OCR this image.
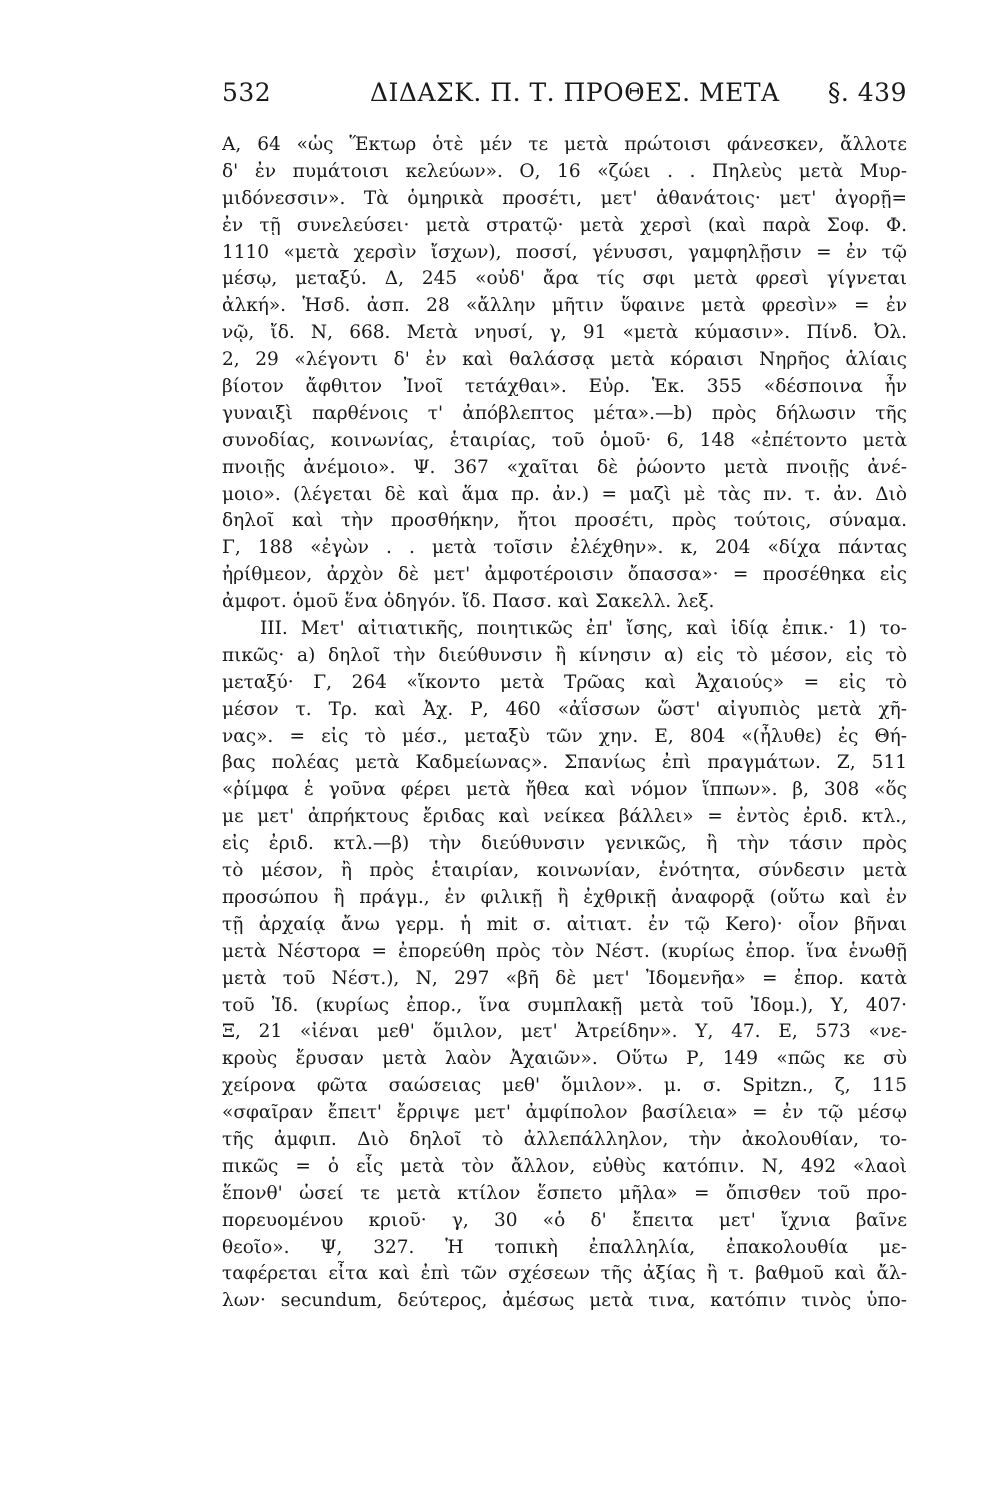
532	ΔΙΔΑΣΚ. Π. Τ. ΠΡΟΘΕΣ. ΜΕΤΑ §. 439
Α, 64 «ὡς Ἕκτωρ ὁτὲ μέν τε μετὰ πρώτοισι φάνεσκεν, ἄλλοτε
δ' ἐν πυμάτοισι κελεύων». Ο, 16 «ζώει . . Πηλεὺς μετὰ Μυρ-
μιδόνεσσιν». Τὰ ὁμηρικὰ προσέτι, μετ' ἀθανάτοις· μετ' ἀγορῇ=
ἐν τῇ συνελεύσει· μετὰ στρατῷ· μετὰ χερσὶ (καὶ παρὰ Σοφ. Φ.
1110 «μετὰ χερσὶν ἴσχων), ποσσί, γένυσσι, γαμφηλῇσιν = ἐν τῷ
μέσῳ, μεταξύ. Δ, 245 «οὐδ' ἄρα τίς σφι μετὰ φρεσὶ γίγνεται
ἀλκή». Ἡσδ. ἀσπ. 28 «ἄλλην μῆτιν ὕφαινε μετὰ φρεσὶν» = ἐν
νῷ, ἴδ. Ν, 668. Μετὰ νηυσί, γ, 91 «μετὰ κύμασιν». Πίνδ. Ὀλ.
2, 29 «λέγοντι δ' ἐν καὶ θαλάσσᾳ μετὰ κόραισι Νηρῆος ἁλίαις
βίοτον ἄφθιτον Ἰνοῖ τετάχθαι». Εὐρ. Ἑκ. 355 «δέσποινα ἦν
γυναιξὶ παρθένοις τ' ἀπόβλεπτος μέτα».—b) πρὸς δήλωσιν τῆς
συνοδίας, κοινωνίας, ἑταιρίας, τοῦ ὁμοῦ· 6, 148 «ἐπέτοντο μετὰ
πνοιῇς ἀνέμοιο». Ψ. 367 «χαῖται δὲ ῥώοντο μετὰ πνοιῇς ἀνέ-
μοιο». (λέγεται δὲ καὶ ἅμα πρ. ἀν.) = μαζὶ μὲ τὰς πν. τ. ἀν. Διὸ
δηλοῖ καὶ τὴν προσθήκην, ἤτοι προσέτι, πρὸς τούτοις, σύναμα.
Γ, 188 «ἐγὼν . . μετὰ τοῖσιν ἐλέχθην». κ, 204 «δίχα πάντας
ἠρίθμεον, ἀρχὸν δὲ μετ' ἀμφοτέροισιν ὄπασσα»· = προσέθηκα εἰς
ἀμφοτ. ὁμοῦ ἕνα ὁδηγόν. ἴδ. Πασσ. καὶ Σακελλ. λεξ.
III. Μετ' αἰτιατικῆς, ποιητικῶς ἐπ' ἴσης, καὶ ἰδίᾳ ἐπικ.· 1) το-
πικῶς· a) δηλοῖ τὴν διεύθυνσιν ἢ κίνησιν α) εἰς τὸ μέσον, εἰς τὸ
μεταξύ· Γ, 264 «ἵκοντο μετὰ Τρῶας καὶ Ἀχαιούς» = εἰς τὸ
μέσον τ. Τρ. καὶ Ἀχ. Ρ, 460 «ἀΐσσων ὥστ' αἰγυπιὸς μετὰ χῆ-
νας». = εἰς τὸ μέσ., μεταξὺ τῶν χην. Ε, 804 «(ἦλυθε) ἐς Θή-
βας πολέας μετὰ Καδμείωνας». Σπανίως ἐπὶ πραγμάτων. Ζ, 511
«ῥίμφα ἑ γοῦνα φέρει μετὰ ἤθεα καὶ νόμον ἵππων». β, 308 «ὅς
με μετ' ἀπρήκτους ἔριδας καὶ νείκεα βάλλει» = ἐντὸς ἐριδ. κτλ.,
εἰς ἐριδ. κτλ.—β) τὴν διεύθυνσιν γενικῶς, ἢ τὴν τάσιν πρὸς
τὸ μέσον, ἢ πρὸς ἑταιρίαν, κοινωνίαν, ἑνότητα, σύνδεσιν μετὰ
προσώπου ἢ πράγμ., ἐν φιλικῇ ἢ ἐχθρικῇ ἀναφορᾷ (οὕτω καὶ ἐν
τῇ ἀρχαίᾳ ἄνω γερμ. ἡ mit σ. αἰτιατ. ἐν τῷ Kero)· οἷον βῆναι
μετὰ Νέστορα = ἐπορεύθη πρὸς τὸν Νέστ. (κυρίως ἐπορ. ἵνα ἑνωθῇ
μετὰ τοῦ Νέστ.), Ν, 297 «βῆ δὲ μετ' Ἰδομενῆα» = ἐπορ. κατὰ
τοῦ Ἰδ. (κυρίως ἐπορ., ἵνα συμπλακῇ μετὰ τοῦ Ἰδομ.), Υ, 407·
Ξ, 21 «ἰέναι μεθ' ὅμιλον, μετ' Ἀτρείδην». Υ, 47. Ε, 573 «νε-
κροὺς ἔρυσαν μετὰ λαὸν Ἀχαιῶν». Οὕτω Ρ, 149 «πῶς κε σὺ
χείρονα φῶτα σαώσειας μεθ' ὅμιλον». μ. σ. Spitzn., ζ, 115
«σφαῖραν ἔπειτ' ἔρριψε μετ' ἀμφίπολον βασίλεια» = ἐν τῷ μέσῳ
τῆς ἀμφιπ. Διὸ δηλοῖ τὸ ἀλλεπάλληλον, τὴν ἀκολουθίαν, το-
πικῶς = ὁ εἷς μετὰ τὸν ἄλλον, εὐθὺς κατόπιν. Ν, 492 «λαοὶ
ἕπονθ' ὡσεί τε μετὰ κτίλον ἕσπετο μῆλα» = ὄπισθεν τοῦ προ-
πορευομένου κριοῦ· γ, 30 «ὁ δ' ἔπειτα μετ' ἴχνια βαῖνε
θεοῖο». Ψ, 327. Ἡ τοπικὴ ἐπαλληλία, ἐπακολουθία με-
ταφέρεται εἶτα καὶ ἐπὶ τῶν σχέσεων τῆς ἀξίας ἢ τ. βαθμοῦ καὶ ἄλ-
λων· secundum, δεύτερος, ἀμέσως μετὰ τινα, κατόπιν τινὸς ὑπο-
